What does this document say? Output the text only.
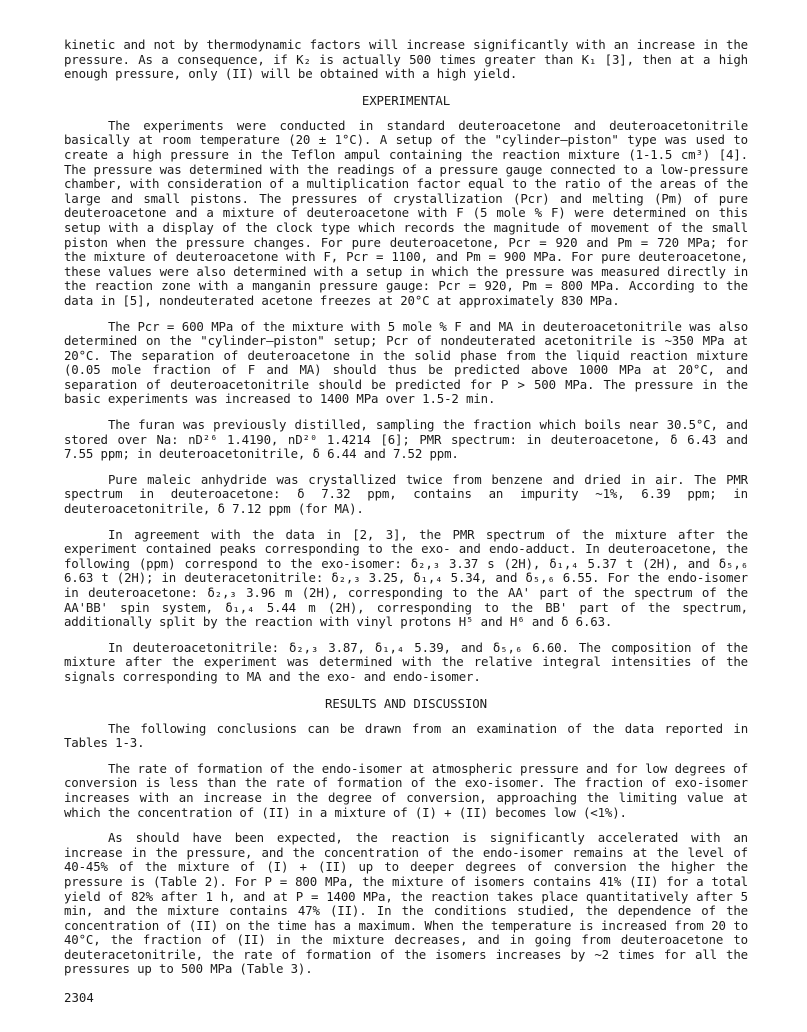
kinetic and not by thermodynamic factors will increase significantly with an increase in the pressure. As a consequence, if K₂ is actually 500 times greater than K₁ [3], then at a high enough pressure, only (II) will be obtained with a high yield.

EXPERIMENTAL

The experiments were conducted in standard deuteroacetone and deuteroacetonitrile basically at room temperature (20 ± 1°C). A setup of the "cylinder–piston" type was used to create a high pressure in the Teflon ampul containing the reaction mixture (1-1.5 cm³) [4]. The pressure was determined with the readings of a pressure gauge connected to a low-pressure chamber, with consideration of a multiplication factor equal to the ratio of the areas of the large and small pistons. The pressures of crystallization (Pcr) and melting (Pm) of pure deuteroacetone and a mixture of deuteroacetone with F (5 mole % F) were determined on this setup with a display of the clock type which records the magnitude of movement of the small piston when the pressure changes. For pure deuteroacetone, Pcr = 920 and Pm = 720 MPa; for the mixture of deuteroacetone with F, Pcr = 1100, and Pm = 900 MPa. For pure deuteroacetone, these values were also determined with a setup in which the pressure was measured directly in the reaction zone with a manganin pressure gauge: Pcr = 920, Pm = 800 MPa. According to the data in [5], nondeuterated acetone freezes at 20°C at approximately 830 MPa.

The Pcr = 600 MPa of the mixture with 5 mole % F and MA in deuteroacetonitrile was also determined on the "cylinder–piston" setup; Pcr of nondeuterated acetonitrile is ~350 MPa at 20°C. The separation of deuteroacetone in the solid phase from the liquid reaction mixture (0.05 mole fraction of F and MA) should thus be predicted above 1000 MPa at 20°C, and separation of deuteroacetonitrile should be predicted for P > 500 MPa. The pressure in the basic experiments was increased to 1400 MPa over 1.5-2 min.

The furan was previously distilled, sampling the fraction which boils near 30.5°C, and stored over Na: nD²⁶ 1.4190, nD²⁰ 1.4214 [6]; PMR spectrum: in deuteroacetone, δ 6.43 and 7.55 ppm; in deuteroacetonitrile, δ 6.44 and 7.52 ppm.

Pure maleic anhydride was crystallized twice from benzene and dried in air. The PMR spectrum in deuteroacetone: δ 7.32 ppm, contains an impurity ~1%, 6.39 ppm; in deuteroacetonitrile, δ 7.12 ppm (for MA).

In agreement with the data in [2, 3], the PMR spectrum of the mixture after the experiment contained peaks corresponding to the exo- and endo-adduct. In deuteroacetone, the following (ppm) correspond to the exo-isomer: δ₂,₃ 3.37 s (2H), δ₁,₄ 5.37 t (2H), and δ₅,₆ 6.63 t (2H); in deuteracetonitrile: δ₂,₃ 3.25, δ₁,₄ 5.34, and δ₅,₆ 6.55. For the endo-isomer in deuteroacetone: δ₂,₃ 3.96 m (2H), corresponding to the AA' part of the spectrum of the AA'BB' spin system, δ₁,₄ 5.44 m (2H), corresponding to the BB' part of the spectrum, additionally split by the reaction with vinyl protons H⁵ and H⁶ and δ 6.63.

In deuteroacetonitrile: δ₂,₃ 3.87, δ₁,₄ 5.39, and δ₅,₆ 6.60. The composition of the mixture after the experiment was determined with the relative integral intensities of the signals corresponding to MA and the exo- and endo-isomer.

RESULTS AND DISCUSSION

The following conclusions can be drawn from an examination of the data reported in Tables 1-3.

The rate of formation of the endo-isomer at atmospheric pressure and for low degrees of conversion is less than the rate of formation of the exo-isomer. The fraction of exo-isomer increases with an increase in the degree of conversion, approaching the limiting value at which the concentration of (II) in a mixture of (I) + (II) becomes low (<1%).

As should have been expected, the reaction is significantly accelerated with an increase in the pressure, and the concentration of the endo-isomer remains at the level of 40-45% of the mixture of (I) + (II) up to deeper degrees of conversion the higher the pressure is (Table 2). For P = 800 MPa, the mixture of isomers contains 41% (II) for a total yield of 82% after 1 h, and at P = 1400 MPa, the reaction takes place quantitatively after 5 min, and the mixture contains 47% (II). In the conditions studied, the dependence of the concentration of (II) on the time has a maximum. When the temperature is increased from 20 to 40°C, the fraction of (II) in the mixture decreases, and in going from deuteroacetone to deuteracetonitrile, the rate of formation of the isomers increases by ~2 times for all the pressures up to 500 MPa (Table 3).

2304
